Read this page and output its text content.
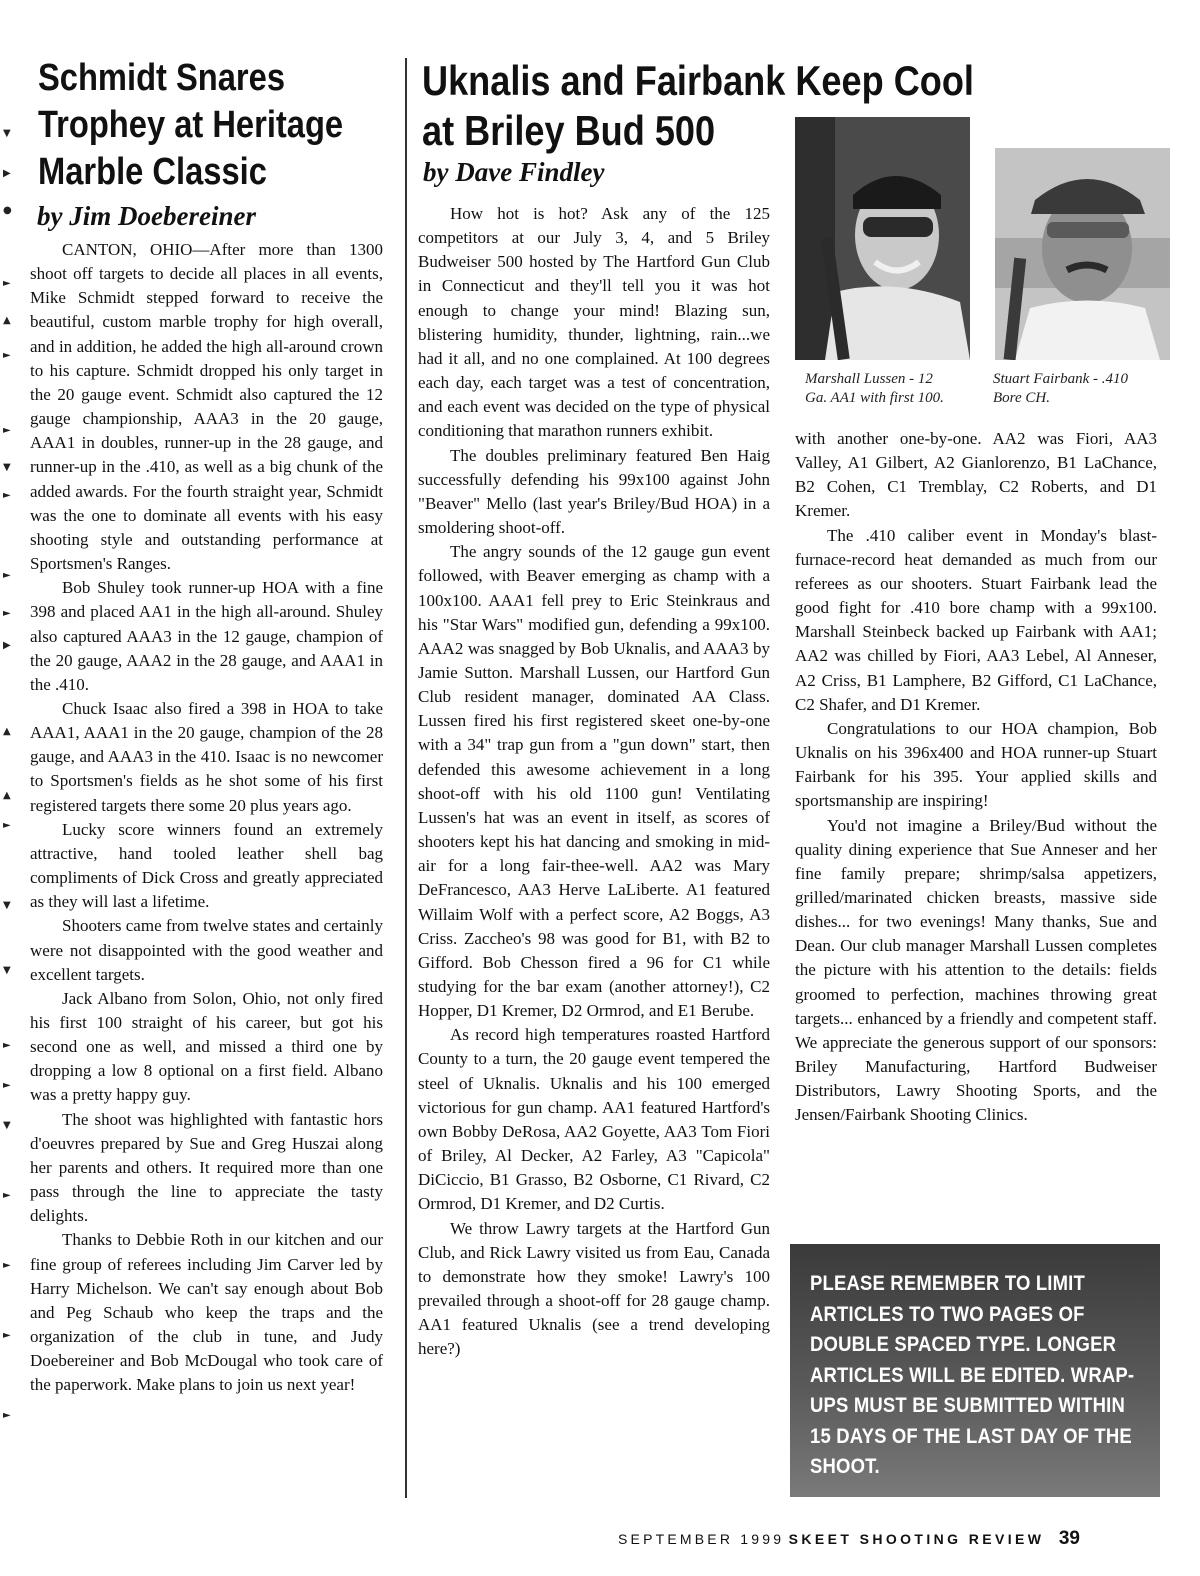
▼
▶
●
►
▲
►
►
▼
►
►
►
▶
▲
▲
►
▼
▼
►
►
▼
►
►
►
►

Schmidt Snares

Trophey at Heritage

Marble Classic

by Jim Doebereiner

CANTON, OHIO—After more than 1300 shoot off targets to decide all places in all events, Mike Schmidt stepped forward to receive the beautiful, custom marble trophy for high overall, and in addition, he added the high all-around crown to his capture. Schmidt dropped his only target in the 20 gauge event. Schmidt also captured the 12 gauge championship, AAA3 in the 20 gauge, AAA1 in doubles, runner-up in the 28 gauge, and runner-up in the .410, as well as a big chunk of the added awards. For the fourth straight year, Schmidt was the one to dominate all events with his easy shooting style and outstanding performance at Sportsmen's Ranges.

Bob Shuley took runner-up HOA with a fine 398 and placed AA1 in the high all-around. Shuley also captured AAA3 in the 12 gauge, champion of the 20 gauge, AAA2 in the 28 gauge, and AAA1 in the .410.

Chuck Isaac also fired a 398 in HOA to take AAA1, AAA1 in the 20 gauge, champion of the 28 gauge, and AAA3 in the 410. Isaac is no newcomer to Sportsmen's fields as he shot some of his first registered targets there some 20 plus years ago.

Lucky score winners found an extremely attractive, hand tooled leather shell bag compliments of Dick Cross and greatly appreciated as they will last a lifetime.

Shooters came from twelve states and certainly were not disappointed with the good weather and excellent targets.

Jack Albano from Solon, Ohio, not only fired his first 100 straight of his career, but got his second one as well, and missed a third one by dropping a low 8 optional on a first field. Albano was a pretty happy guy.

The shoot was highlighted with fantastic hors d'oeuvres prepared by Sue and Greg Huszai along her parents and others. It required more than one pass through the line to appreciate the tasty delights.

Thanks to Debbie Roth in our kitchen and our fine group of referees including Jim Carver led by Harry Michelson. We can't say enough about Bob and Peg Schaub who keep the traps and the organization of the club in tune, and Judy Doebereiner and Bob McDougal who took care of the paperwork. Make plans to join us next year!

Uknalis and Fairbank Keep Cool

at Briley Bud 500

by Dave Findley

How hot is hot? Ask any of the 125 competitors at our July 3, 4, and 5 Briley Budweiser 500 hosted by The Hartford Gun Club in Connecticut and they'll tell you it was hot enough to change your mind! Blazing sun, blistering humidity, thunder, lightning, rain...we had it all, and no one complained. At 100 degrees each day, each target was a test of concentration, and each event was decided on the type of physical conditioning that marathon runners exhibit.

The doubles preliminary featured Ben Haig successfully defending his 99x100 against John "Beaver" Mello (last year's Briley/Bud HOA) in a smoldering shoot-off.

The angry sounds of the 12 gauge gun event followed, with Beaver emerging as champ with a 100x100. AAA1 fell prey to Eric Steinkraus and his "Star Wars" modified gun, defending a 99x100. AAA2 was snagged by Bob Uknalis, and AAA3 by Jamie Sutton. Marshall Lussen, our Hartford Gun Club resident manager, dominated AA Class. Lussen fired his first registered skeet one-by-one with a 34" trap gun from a "gun down" start, then defended this awesome achievement in a long shoot-off with his old 1100 gun! Ventilating Lussen's hat was an event in itself, as scores of shooters kept his hat dancing and smoking in mid-air for a long fair-thee-well. AA2 was Mary DeFrancesco, AA3 Herve LaLiberte. A1 featured Willaim Wolf with a perfect score, A2 Boggs, A3 Criss. Zaccheo's 98 was good for B1, with B2 to Gifford. Bob Chesson fired a 96 for C1 while studying for the bar exam (another attorney!), C2 Hopper, D1 Kremer, D2 Ormrod, and E1 Berube.

As record high temperatures roasted Hartford County to a turn, the 20 gauge event tempered the steel of Uknalis. Uknalis and his 100 emerged victorious for gun champ. AA1 featured Hartford's own Bobby DeRosa, AA2 Goyette, AA3 Tom Fiori of Briley, Al Decker, A2 Farley, A3 "Capicola" DiCiccio, B1 Grasso, B2 Osborne, C1 Rivard, C2 Ormrod, D1 Kremer, and D2 Curtis.

We throw Lawry targets at the Hartford Gun Club, and Rick Lawry visited us from Eau, Canada to demonstrate how they smoke! Lawry's 100 prevailed through a shoot-off for 28 gauge champ. AA1 featured Uknalis (see a trend developing here?)

Marshall Lussen - 12
Ga. AA1 with first 100.

Stuart Fairbank - .410
Bore CH.

with another one-by-one. AA2 was Fiori, AA3 Valley, A1 Gilbert, A2 Gianlorenzo, B1 LaChance, B2 Cohen, C1 Tremblay, C2 Roberts, and D1 Kremer.

The .410 caliber event in Monday's blast-furnace-record heat demanded as much from our referees as our shooters. Stuart Fairbank lead the good fight for .410 bore champ with a 99x100. Marshall Steinbeck backed up Fairbank with AA1; AA2 was chilled by Fiori, AA3 Lebel, Al Anneser, A2 Criss, B1 Lamphere, B2 Gifford, C1 LaChance, C2 Shafer, and D1 Kremer.

Congratulations to our HOA champion, Bob Uknalis on his 396x400 and HOA runner-up Stuart Fairbank for his 395. Your applied skills and sportsmanship are inspiring!

You'd not imagine a Briley/Bud without the quality dining experience that Sue Anneser and her fine family prepare; shrimp/salsa appetizers, grilled/marinated chicken breasts, massive side dishes... for two evenings! Many thanks, Sue and Dean. Our club manager Marshall Lussen completes the picture with his attention to the details: fields groomed to perfection, machines throwing great targets... enhanced by a friendly and competent staff. We appreciate the generous support of our sponsors: Briley Manufacturing, Hartford Budweiser Distributors, Lawry Shooting Sports, and the Jensen/Fairbank Shooting Clinics.

PLEASE REMEMBER TO LIMIT ARTICLES TO TWO PAGES OF DOUBLE SPACED TYPE. LONGER ARTICLES WILL BE EDITED. WRAP-UPS MUST BE SUBMITTED WITHIN 15 DAYS OF THE LAST DAY OF THE SHOOT.

SEPTEMBER 1999 SKEET SHOOTING REVIEW 39
